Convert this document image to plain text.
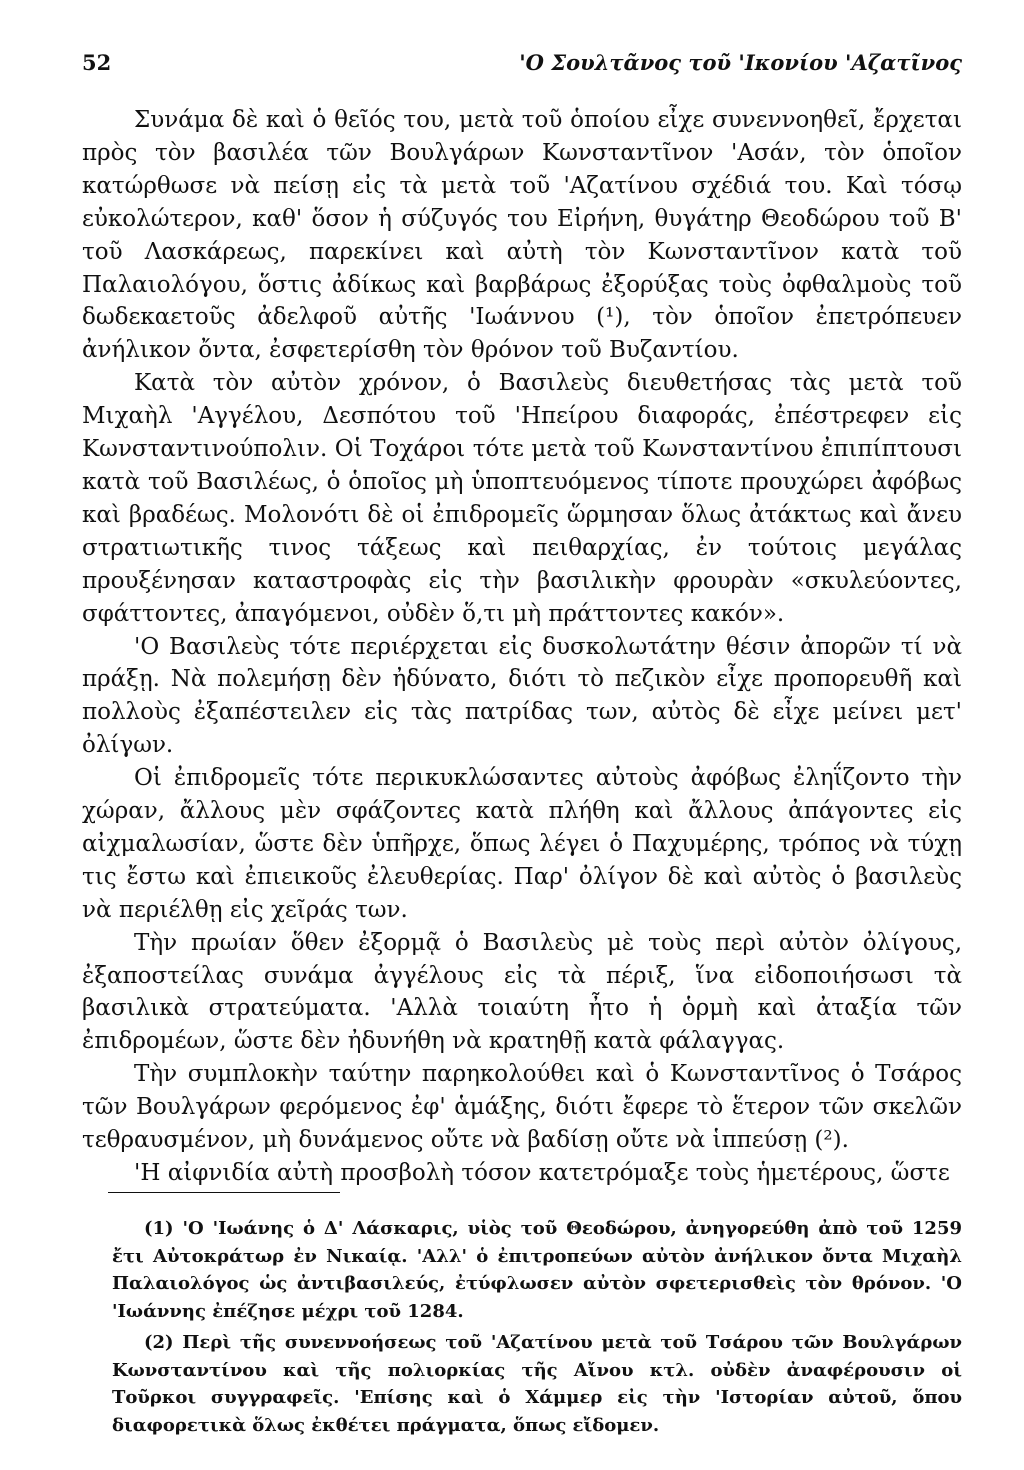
52	'Ο Σουλτᾶνος τοῦ 'Ικονίου 'Αζατῖνος

Συνάμα δὲ καὶ ὁ θεῖός του, μετὰ τοῦ ὁποίου εἶχε συνεννοηθεῖ, ἔρχεται πρὸς τὸν βασιλέα τῶν Βουλγάρων Κωνσταντῖνον 'Ασάν, τὸν ὁποῖον κατώρθωσε νὰ πείσῃ εἰς τὰ μετὰ τοῦ 'Αζατίνου σχέδιά του. Καὶ τόσῳ εὐκολώτερον, καθ' ὅσον ἡ σύζυγός του Εἰρήνη, θυγάτηρ Θεοδώρου τοῦ Β' τοῦ Λασκάρεως, παρεκίνει καὶ αὐτὴ τὸν Κωνσταντῖνον κατὰ τοῦ Παλαιολόγου, ὅστις ἀδίκως καὶ βαρβάρως ἐξορύξας τοὺς ὀφθαλμοὺς τοῦ δωδεκαετοῦς ἀδελφοῦ αὐτῆς 'Ιωάννου (¹), τὸν ὁποῖον ἐπετρόπευεν ἀνήλικον ὄντα, ἐσφετερίσθη τὸν θρόνον τοῦ Βυζαντίου.

Κατὰ τὸν αὐτὸν χρόνον, ὁ Βασιλεὺς διευθετήσας τὰς μετὰ τοῦ Μιχαὴλ 'Αγγέλου, Δεσπότου τοῦ 'Ηπείρου διαφοράς, ἐπέστρεφεν εἰς Κωνσταντινούπολιν. Οἱ Τοχάροι τότε μετὰ τοῦ Κωνσταντίνου ἐπιπίπτουσι κατὰ τοῦ Βασιλέως, ὁ ὁποῖος μὴ ὑποπτευόμενος τίποτε προυχώρει ἀφόβως καὶ βραδέως. Μολονότι δὲ οἱ ἐπιδρομεῖς ὥρμησαν ὅλως ἀτάκτως καὶ ἄνευ στρατιωτικῆς τινος τάξεως καὶ πειθαρχίας, ἐν τούτοις μεγάλας προυξένησαν καταστροφὰς εἰς τὴν βασιλικὴν φρουρὰν «σκυλεύοντες, σφάττοντες, ἀπαγόμενοι, οὐδὲν ὅ,τι μὴ πράττοντες κακόν».

'Ο Βασιλεὺς τότε περιέρχεται εἰς δυσκολωτάτην θέσιν ἀπορῶν τί νὰ πράξῃ. Νὰ πολεμήσῃ δὲν ἠδύνατο, διότι τὸ πεζικὸν εἶχε προπορευθῆ καὶ πολλοὺς ἐξαπέστειλεν εἰς τὰς πατρίδας των, αὐτὸς δὲ εἶχε μείνει μετ' ὀλίγων.

Οἱ ἐπιδρομεῖς τότε περικυκλώσαντες αὐτοὺς ἀφόβως ἐληΐζοντο τὴν χώραν, ἄλλους μὲν σφάζοντες κατὰ πλήθη καὶ ἄλλους ἀπάγοντες εἰς αἰχμαλωσίαν, ὥστε δὲν ὑπῆρχε, ὅπως λέγει ὁ Παχυμέρης, τρόπος νὰ τύχῃ τις ἔστω καὶ ἐπιεικοῦς ἐλευθερίας. Παρ' ὀλίγον δὲ καὶ αὐτὸς ὁ βασιλεὺς νὰ περιέλθῃ εἰς χεῖράς των.

Τὴν πρωίαν ὅθεν ἐξορμᾷ ὁ Βασιλεὺς μὲ τοὺς περὶ αὐτὸν ὀλίγους, ἐξαποστείλας συνάμα ἀγγέλους εἰς τὰ πέριξ, ἵνα εἰδοποιήσωσι τὰ βασιλικὰ στρατεύματα. 'Αλλὰ τοιαύτη ἦτο ἡ ὁρμὴ καὶ ἀταξία τῶν ἐπιδρομέων, ὥστε δὲν ἠδυνήθη νὰ κρατηθῇ κατὰ φάλαγγας.

Τὴν συμπλοκὴν ταύτην παρηκολούθει καὶ ὁ Κωνσταντῖνος ὁ Τσάρος τῶν Βουλγάρων φερόμενος ἐφ' ἁμάξης, διότι ἔφερε τὸ ἕτερον τῶν σκελῶν τεθραυσμένον, μὴ δυνάμενος οὔτε νὰ βαδίσῃ οὔτε νὰ ἱππεύσῃ (²).

'Η αἰφνιδία αὐτὴ προσβολὴ τόσον κατετρόμαξε τοὺς ἡμετέρους, ὥστε

(1) 'Ο 'Ιωάνης ὁ Δ' Λάσκαρις, υἱὸς τοῦ Θεοδώρου, ἀνηγορεύθη ἀπὸ τοῦ 1259 ἔτι Αὐτοκράτωρ ἐν Νικαίᾳ. 'Αλλ' ὁ ἐπιτροπεύων αὐτὸν ἀνήλικον ὄντα Μιχαὴλ Παλαιολόγος ὡς ἀντιβασιλεύς, ἐτύφλωσεν αὐτὸν σφετερισθεὶς τὸν θρόνον. 'Ο 'Ιωάννης ἐπέζησε μέχρι τοῦ 1284.

(2) Περὶ τῆς συνεννοήσεως τοῦ 'Αζατίνου μετὰ τοῦ Τσάρου τῶν Βουλγάρων Κωνσταντίνου καὶ τῆς πολιορκίας τῆς Αἴνου κτλ. οὐδὲν ἀναφέρουσιν οἱ Τοῦρκοι συγγραφεῖς. 'Επίσης καὶ ὁ Χάμμερ εἰς τὴν 'Ιστορίαν αὐτοῦ, ὅπου διαφορετικὰ ὅλως ἐκθέτει πράγματα, ὅπως εἴδομεν.
